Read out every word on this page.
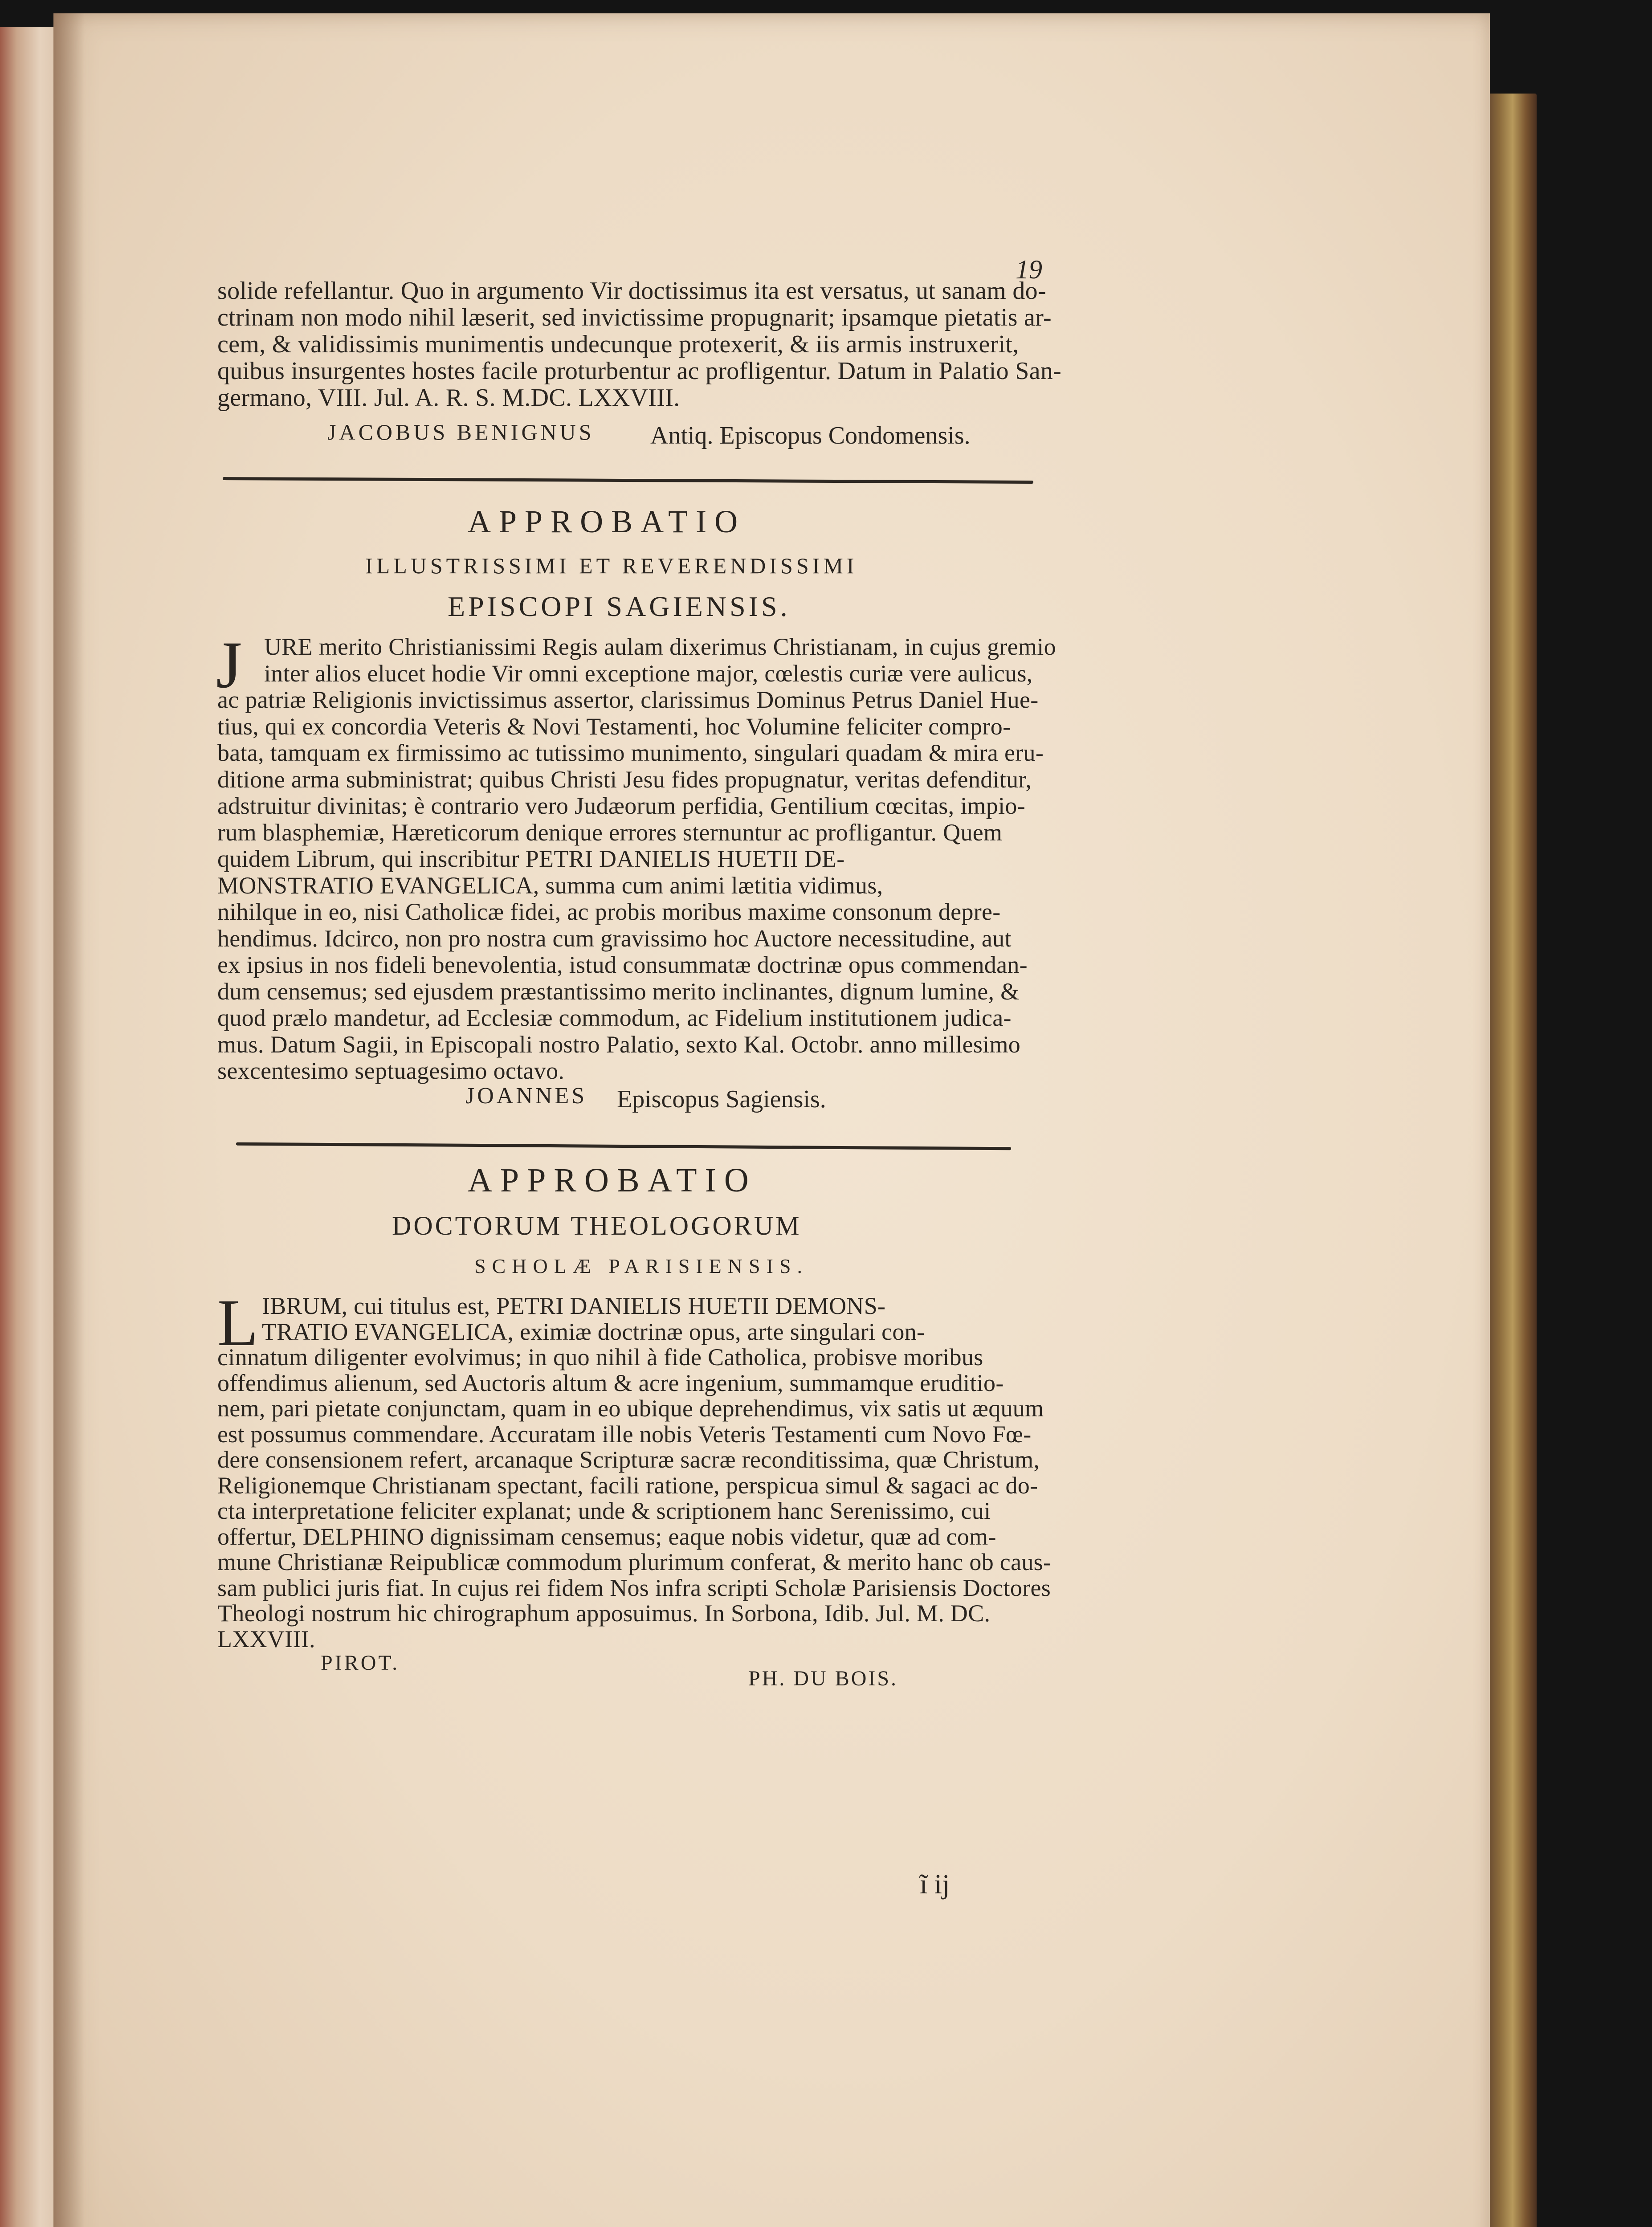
19
solide refellantur. Quo in argumento Vir doctissimus ita est versatus, ut sanam do-
ctrinam non modo nihil læserit, sed invictissime propugnarit; ipsamque pietatis ar-
cem, & validissimis munimentis undecunque protexerit, & iis armis instruxerit,
quibus insurgentes hostes facile proturbentur ac profligentur. Datum in Palatio San-
germano, VIII. Jul. A. R. S. M.DC. LXXVIII.
JACOBUS BENIGNUS Antiq. Episcopus Condomensis.
APPROBATIO
ILLUSTRISSIMI ET REVERENDISSIMI
EPISCOPI SAGIENSIS.
J URE merito Christianissimi Regis aulam dixerimus Christianam, in cujus gremio
inter alios elucet hodie Vir omni exceptione major, cœlestis curiæ vere aulicus,
ac patriæ Religionis invictissimus assertor, clarissimus Dominus Petrus Daniel Hue-
tius, qui ex concordia Veteris & Novi Testamenti, hoc Volumine feliciter compro-
bata, tamquam ex firmissimo ac tutissimo munimento, singulari quadam & mira eru-
ditione arma subministrat; quibus Christi Jesu fides propugnatur, veritas defenditur,
adstruitur divinitas; è contrario vero Judæorum perfidia, Gentilium cœcitas, impio-
rum blasphemiæ, Hæreticorum denique errores sternuntur ac profligantur. Quem
quidem Librum, qui inscribitur PETRI DANIELIS HUETII DE-
MONSTRATIO EVANGELICA, summa cum animi lætitia vidimus,
nihilque in eo, nisi Catholicæ fidei, ac probis moribus maxime consonum depre-
hendimus. Idcirco, non pro nostra cum gravissimo hoc Auctore necessitudine, aut
ex ipsius in nos fideli benevolentia, istud consummatæ doctrinæ opus commendan-
dum censemus; sed ejusdem præstantissimo merito inclinantes, dignum lumine, &
quod prælo mandetur, ad Ecclesiæ commodum, ac Fidelium institutionem judica-
mus. Datum Sagii, in Episcopali nostro Palatio, sexto Kal. Octobr. anno millesimo
sexcentesimo septuagesimo octavo.
JOANNES Episcopus Sagiensis.
APPROBATIO
DOCTORUM THEOLOGORUM
SCHOLÆ PARISIENSIS.
L IBRUM, cui titulus est, PETRI DANIELIS HUETII DEMONS-
TRATIO EVANGELICA, eximiæ doctrinæ opus, arte singulari con-
cinnatum diligenter evolvimus; in quo nihil à fide Catholica, probisve moribus
offendimus alienum, sed Auctoris altum & acre ingenium, summamque eruditio-
nem, pari pietate conjunctam, quam in eo ubique deprehendimus, vix satis ut æquum
est possumus commendare. Accuratam ille nobis Veteris Testamenti cum Novo Fœ-
dere consensionem refert, arcanaque Scripturæ sacræ reconditissima, quæ Christum,
Religionemque Christianam spectant, facili ratione, perspicua simul & sagaci ac do-
cta interpretatione feliciter explanat; unde & scriptionem hanc Serenissimo, cui
offertur, DELPHINO dignissimam censemus; eaque nobis videtur, quæ ad com-
mune Christianæ Reipublicæ commodum plurimum conferat, & merito hanc ob caus-
sam publici juris fiat. In cujus rei fidem Nos infra scripti Scholæ Parisiensis Doctores
Theologi nostrum hic chirographum apposuimus. In Sorbona, Idib. Jul. M. DC.
LXXVIII.
PIROT.
PH. DU BOIS.
ĩ ij
